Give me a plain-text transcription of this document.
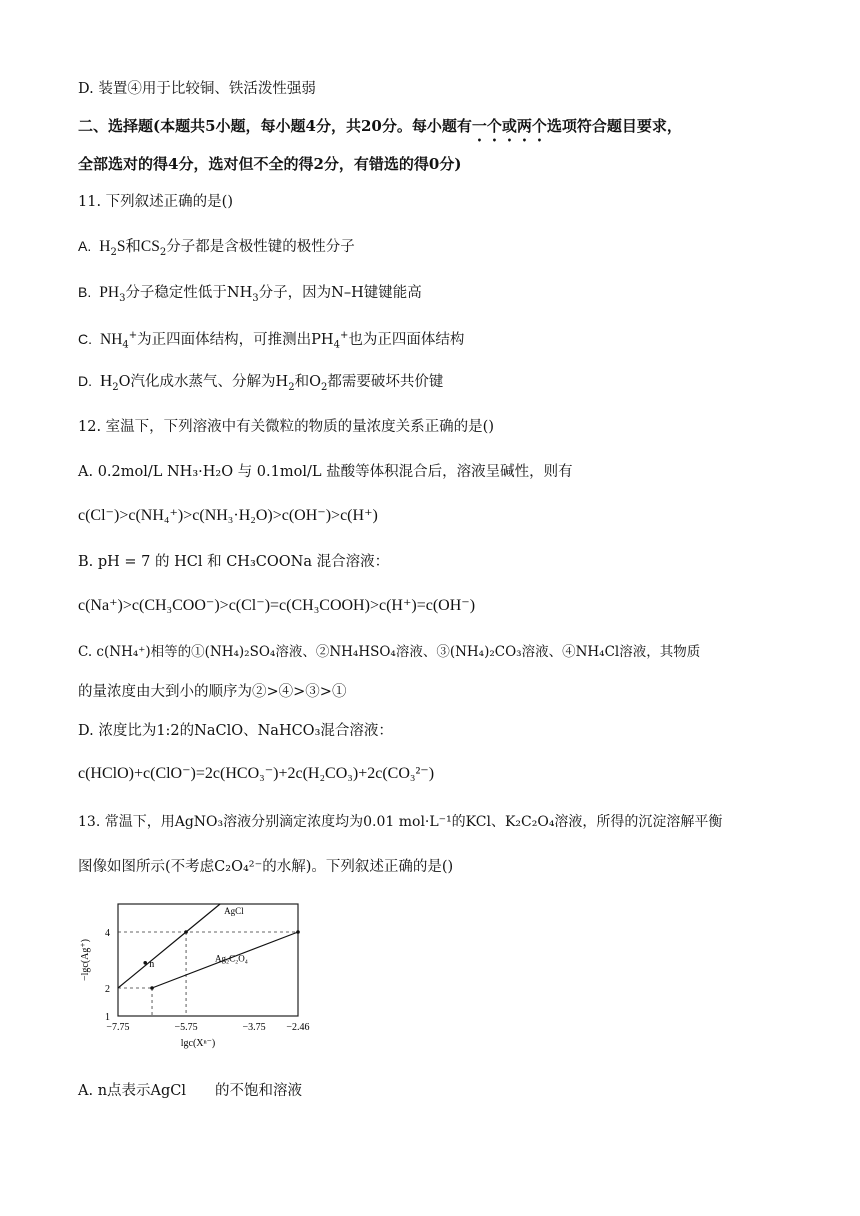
D. 装置④用于比较铜、铁活泼性强弱
二、选择题(本题共5小题，每小题4分，共20分。每小题有一个或两个选项符合题目要求，
全部选对的得4分，选对但不全的得2分，有错选的得0分)
11. 下列叙述正确的是()
A. $H_2S$和$CS_2$分子都是含极性键的极性分子
B. $PH_3$分子稳定性低于$NH_3$分子，因为N–H键键能高
C. $NH_4^+$为正四面体结构，可推测出$PH_4^+$也为正四面体结构
D. $H_2O$汽化成水蒸气、分解为$H_2$和$O_2$都需要破坏共价键
12. 室温下，下列溶液中有关微粒的物质的量浓度关系正确的是()
A. 0.2mol/L NH₃·H₂O 与 0.1mol/L 盐酸等体积混合后，溶液呈碱性，则有
c(Cl⁻)>c(NH₄⁺)>c(NH₃·H₂O)>c(OH⁻)>c(H⁺)
B. pH = 7 的 HCl 和 CH₃COONa 混合溶液：
c(Na⁺)>c(CH₃COO⁻)>c(Cl⁻)=c(CH₃COOH)>c(H⁺)=c(OH⁻)
C. c(NH₄⁺)相等的①(NH₄)₂SO₄溶液、②NH₄HSO₄溶液、③(NH₄)₂CO₃溶液、④NH₄Cl溶液，其物质
的量浓度由大到小的顺序为②>④>③>①
D. 浓度比为1:2的NaClO、NaHCO₃混合溶液：
c(HClO)+c(ClO⁻)=2c(HCO₃⁻)+2c(H₂CO₃)+2c(CO₃²⁻)
13. 常温下，用AgNO₃溶液分别滴定浓度均为0.01 mol·L⁻¹的KCl、K₂C₂O₄溶液，所得的沉淀溶解平衡
图像如图所示(不考虑C₂O₄²⁻的水解)。下列叙述正确的是()
1
2
4
−7.75	−5.75	−3.75 −2.46
lgc(Xⁿ⁻)
−lgc(Ag⁺)
AgCl
Ag₂C₂O₄
n
A. n点表示AgCl　　的不饱和溶液
